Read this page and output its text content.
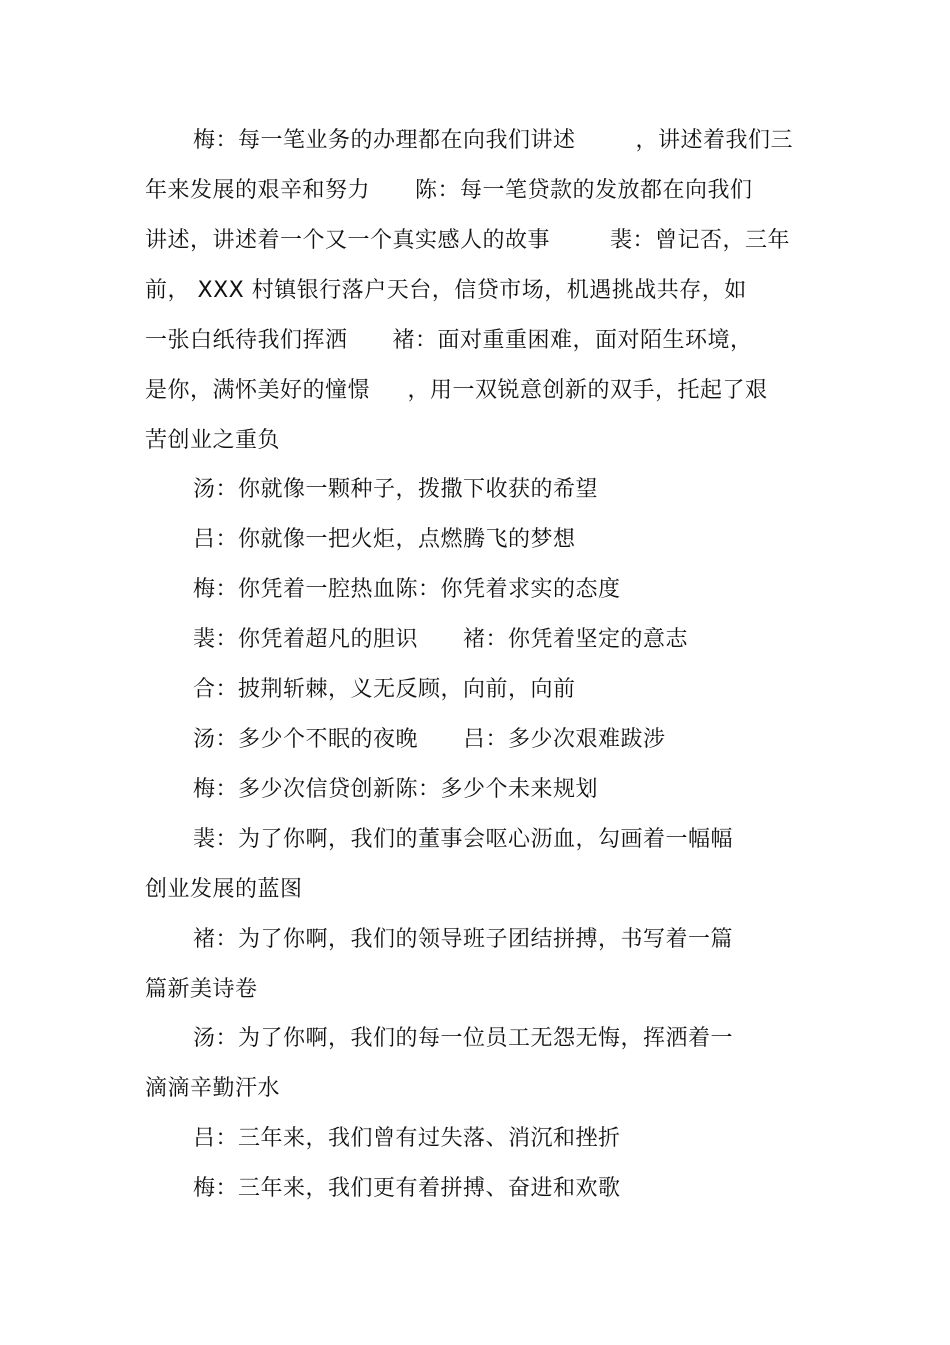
梅：每一笔业务的办理都在向我们讲述        ，讲述着我们三
年来发展的艰辛和努力      陈：每一笔贷款的发放都在向我们
讲述，讲述着一个又一个真实感人的故事        裴：曾记否，三年
前， XXX 村镇银行落户天台，信贷市场，机遇挑战共存，如
一张白纸待我们挥洒      褚：面对重重困难，面对陌生环境，
是你，满怀美好的憧憬     ，用一双锐意创新的双手，托起了艰
苦创业之重负
汤：你就像一颗种子，拨撒下收获的希望
吕：你就像一把火炬，点燃腾飞的梦想
梅：你凭着一腔热血陈：你凭着求实的态度
裴：你凭着超凡的胆识      褚：你凭着坚定的意志
合：披荆斩棘，义无反顾，向前，向前
汤：多少个不眠的夜晚      吕：多少次艰难跋涉
梅：多少次信贷创新陈：多少个未来规划
裴：为了你啊，我们的董事会呕心沥血，勾画着一幅幅
创业发展的蓝图
褚：为了你啊，我们的领导班子团结拼搏，书写着一篇
篇新美诗卷
汤：为了你啊，我们的每一位员工无怨无悔，挥洒着一
滴滴辛勤汗水
吕：三年来，我们曾有过失落、消沉和挫折
梅：三年来，我们更有着拼搏、奋进和欢歌
